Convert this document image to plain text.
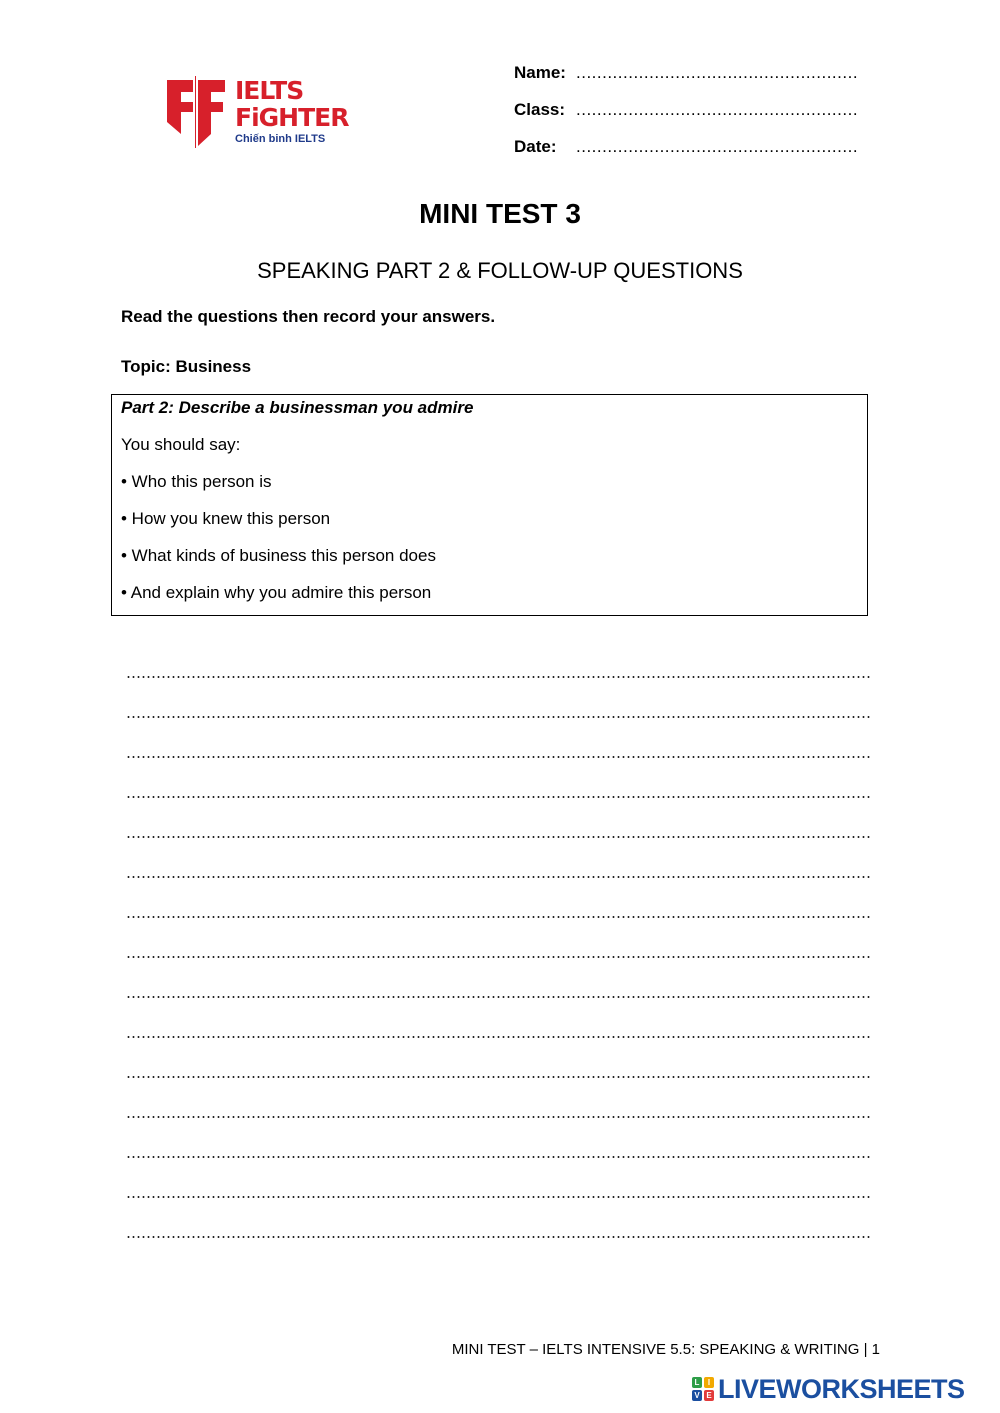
IELTS
FiGHTER
Chiến binh IELTS
Name: ......................................................
Class: ......................................................
Date: ......................................................
MINI TEST 3
SPEAKING PART 2 & FOLLOW-UP QUESTIONS
Read the questions then record your answers.
Topic: Business
Part 2: Describe a businessman you admire
You should say:
• Who this person is
• How you knew this person
• What kinds of business this person does
• And explain why you admire this person
MINI TEST – IELTS INTENSIVE 5.5: SPEAKING & WRITING | 1
L	I
V E LIVEWORKSHEETS
